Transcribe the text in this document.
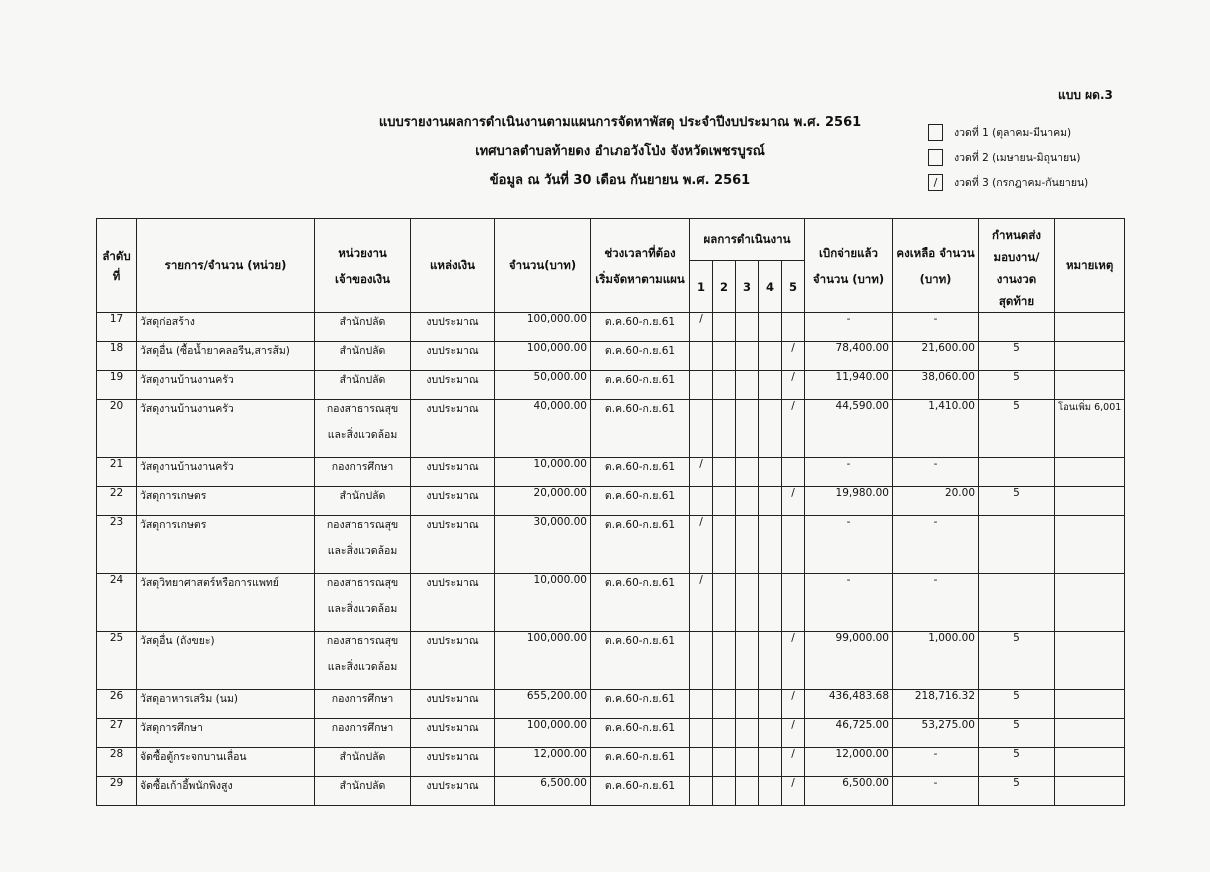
แบบ ผด.3
แบบรายงานผลการดำเนินงานตามแผนการจัดหาพัสดุ ประจำปีงบประมาณ พ.ศ. 2561
เทศบาลตำบลท้ายดง อำเภอวังโป่ง จังหวัดเพชรบูรณ์
ข้อมูล ณ วันที่ 30 เดือน กันยายน พ.ศ. 2561
งวดที่ 1 (ตุลาคม-มีนาคม)
งวดที่ 2 (เมษายน-มิถุนายน)
/	งวดที่ 3 (กรกฎาคม-กันยายน)
ลำดับ ที่	รายการ/จำนวน (หน่วย)	หน่วยงาน เจ้าของเงิน	แหล่งเงิน	จำนวน(บาท)	ช่วงเวลาที่ต้อง เริ่มจัดหาตามแผน	ผลการดำเนินงาน					เบิกจ่ายแล้ว จำนวน (บาท)	คงเหลือ จำนวน (บาท)	กำหนดส่ง มอบงาน/ งานงวด สุดท้าย	หมายเหตุ
						1	2	3	4	5				
17	วัสดุก่อสร้าง	สำนักปลัด	งบประมาณ	100,000.00	ต.ค.60-ก.ย.61	/					-	-		
18	วัสดุอื่น (ซื้อน้ำยาคลอรีน,สารส้ม)	สำนักปลัด	งบประมาณ	100,000.00	ต.ค.60-ก.ย.61					/	78,400.00	21,600.00	5	
19	วัสดุงานบ้านงานครัว	สำนักปลัด	งบประมาณ	50,000.00	ต.ค.60-ก.ย.61					/	11,940.00	38,060.00	5	
20	วัสดุงานบ้านงานครัว	กองสาธารณสุข
และสิ่งแวดล้อม	งบประมาณ	40,000.00	ต.ค.60-ก.ย.61					/	44,590.00	1,410.00	5	โอนเพิ่ม 6,001
21	วัสดุงานบ้านงานครัว	กองการศึกษา	งบประมาณ	10,000.00	ต.ค.60-ก.ย.61	/					-	-		
22	วัสดุการเกษตร	สำนักปลัด	งบประมาณ	20,000.00	ต.ค.60-ก.ย.61					/	19,980.00	20.00	5	
23	วัสดุการเกษตร	กองสาธารณสุข
และสิ่งแวดล้อม	งบประมาณ	30,000.00	ต.ค.60-ก.ย.61	/					-	-		
24	วัสดุวิทยาศาสตร์หรือการแพทย์	กองสาธารณสุข
และสิ่งแวดล้อม	งบประมาณ	10,000.00	ต.ค.60-ก.ย.61	/					-	-		
25	วัสดุอื่น (ถังขยะ)	กองสาธารณสุข
และสิ่งแวดล้อม	งบประมาณ	100,000.00	ต.ค.60-ก.ย.61					/	99,000.00	1,000.00	5	
26	วัสดุอาหารเสริม (นม)	กองการศึกษา	งบประมาณ	655,200.00	ต.ค.60-ก.ย.61					/	436,483.68	218,716.32	5	
27	วัสดุการศึกษา	กองการศึกษา	งบประมาณ	100,000.00	ต.ค.60-ก.ย.61					/	46,725.00	53,275.00	5	
28	จัดซื้อตู้กระจกบานเลื่อน	สำนักปลัด	งบประมาณ	12,000.00	ต.ค.60-ก.ย.61					/	12,000.00	-	5	
29	จัดซื้อเก้าอี้พนักพิงสูง	สำนักปลัด	งบประมาณ	6,500.00	ต.ค.60-ก.ย.61					/	6,500.00	-	5	
